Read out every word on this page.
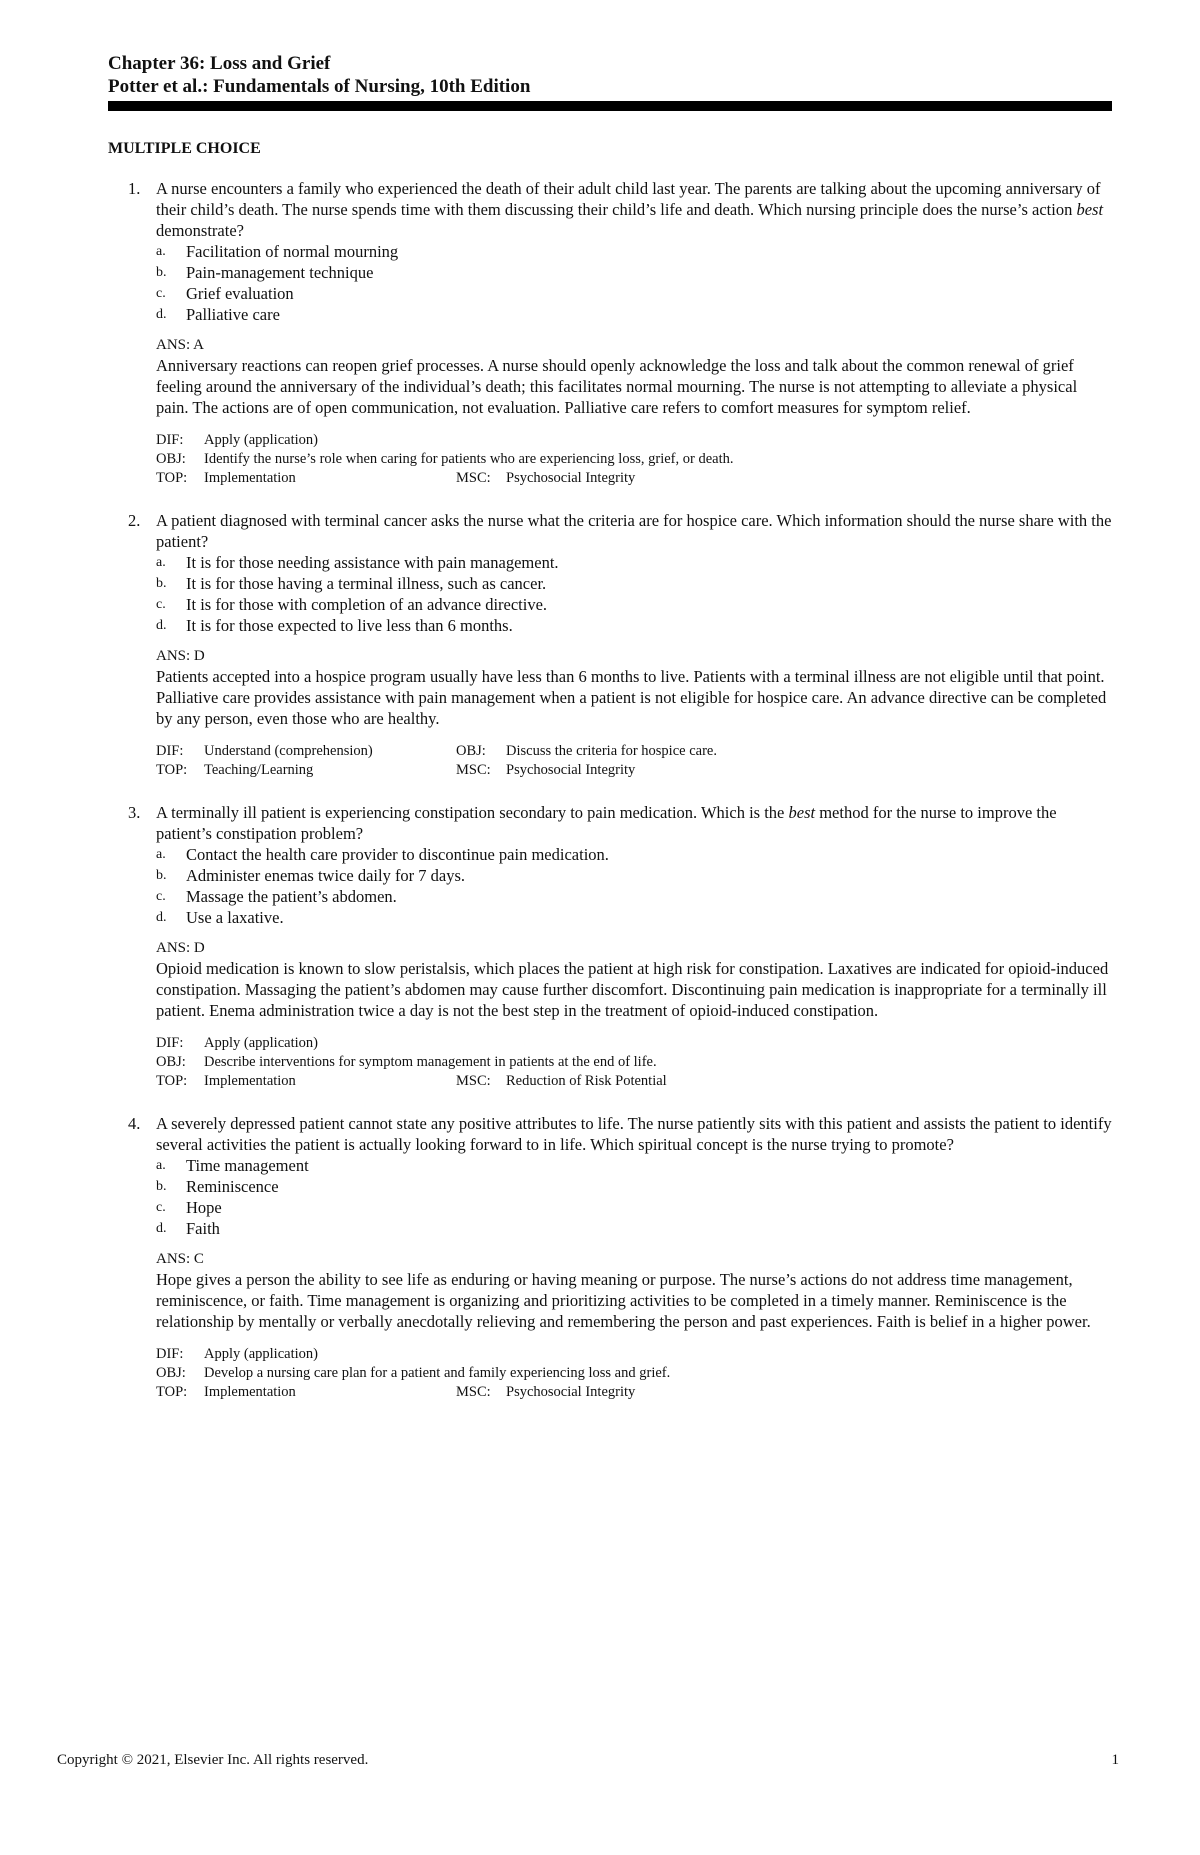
Chapter 36: Loss and Grief
Potter et al.: Fundamentals of Nursing, 10th Edition
MULTIPLE CHOICE
1. A nurse encounters a family who experienced the death of their adult child last year. The parents are talking about the upcoming anniversary of their child’s death. The nurse spends time with them discussing their child’s life and death. Which nursing principle does the nurse’s action best demonstrate?
a. Facilitation of normal mourning
b. Pain-management technique
c. Grief evaluation
d. Palliative care
ANS: A
Anniversary reactions can reopen grief processes. A nurse should openly acknowledge the loss and talk about the common renewal of grief feeling around the anniversary of the individual’s death; this facilitates normal mourning. The nurse is not attempting to alleviate a physical pain. The actions are of open communication, not evaluation. Palliative care refers to comfort measures for symptom relief.
DIF: Apply (application)
OBJ: Identify the nurse’s role when caring for patients who are experiencing loss, grief, or death.
TOP: Implementation	MSC: Psychosocial Integrity
2. A patient diagnosed with terminal cancer asks the nurse what the criteria are for hospice care. Which information should the nurse share with the patient?
a. It is for those needing assistance with pain management.
b. It is for those having a terminal illness, such as cancer.
c. It is for those with completion of an advance directive.
d. It is for those expected to live less than 6 months.
ANS: D
Patients accepted into a hospice program usually have less than 6 months to live. Patients with a terminal illness are not eligible until that point. Palliative care provides assistance with pain management when a patient is not eligible for hospice care. An advance directive can be completed by any person, even those who are healthy.
DIF: Understand (comprehension)	OBJ: Discuss the criteria for hospice care.
TOP: Teaching/Learning	MSC: Psychosocial Integrity
3. A terminally ill patient is experiencing constipation secondary to pain medication. Which is the best method for the nurse to improve the patient’s constipation problem?
a. Contact the health care provider to discontinue pain medication.
b. Administer enemas twice daily for 7 days.
c. Massage the patient’s abdomen.
d. Use a laxative.
ANS: D
Opioid medication is known to slow peristalsis, which places the patient at high risk for constipation. Laxatives are indicated for opioid-induced constipation. Massaging the patient’s abdomen may cause further discomfort. Discontinuing pain medication is inappropriate for a terminally ill patient. Enema administration twice a day is not the best step in the treatment of opioid-induced constipation.
DIF: Apply (application)
OBJ: Describe interventions for symptom management in patients at the end of life.
TOP: Implementation	MSC: Reduction of Risk Potential
4. A severely depressed patient cannot state any positive attributes to life. The nurse patiently sits with this patient and assists the patient to identify several activities the patient is actually looking forward to in life. Which spiritual concept is the nurse trying to promote?
a. Time management
b. Reminiscence
c. Hope
d. Faith
ANS: C
Hope gives a person the ability to see life as enduring or having meaning or purpose. The nurse’s actions do not address time management, reminiscence, or faith. Time management is organizing and prioritizing activities to be completed in a timely manner. Reminiscence is the relationship by mentally or verbally anecdotally relieving and remembering the person and past experiences. Faith is belief in a higher power.
DIF: Apply (application)
OBJ: Develop a nursing care plan for a patient and family experiencing loss and grief.
TOP: Implementation	MSC: Psychosocial Integrity
Copyright © 2021, Elsevier Inc. All rights reserved.	1
